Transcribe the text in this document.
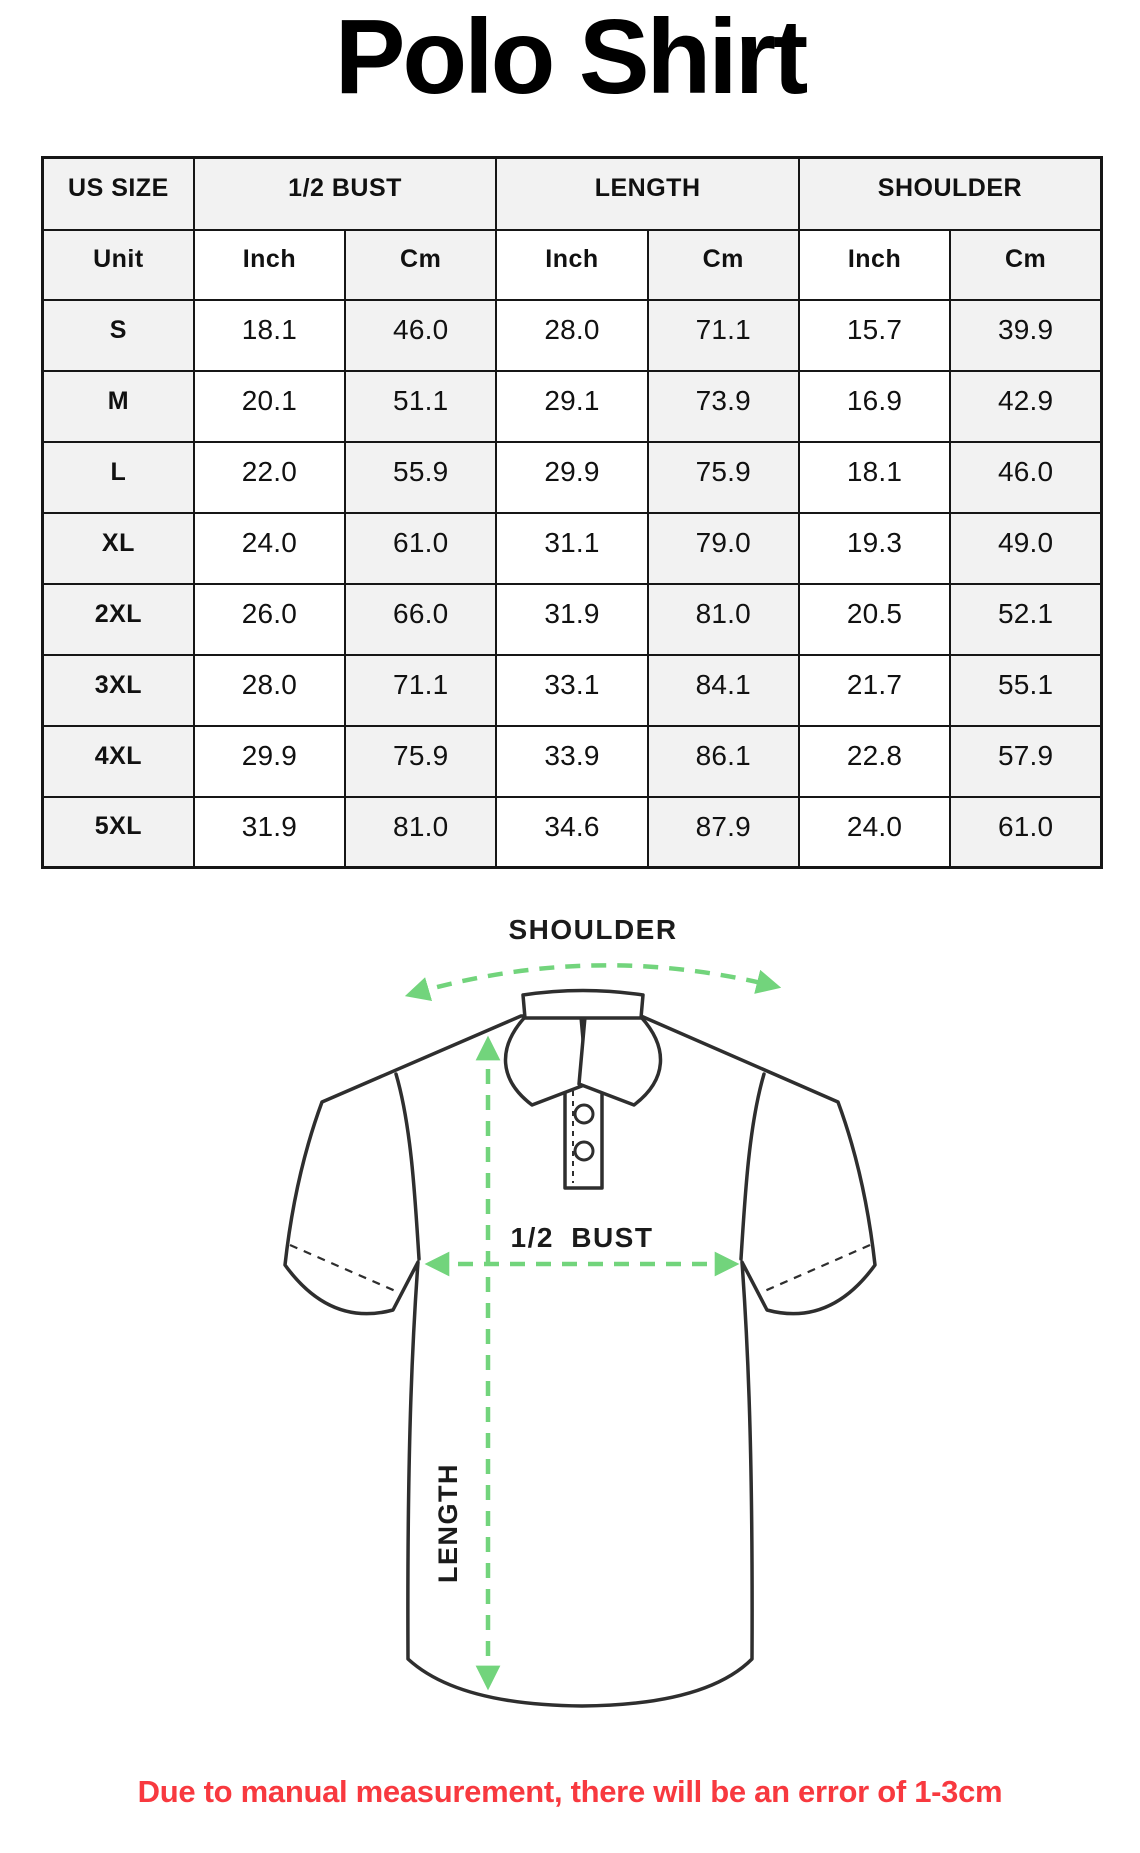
Polo Shirt
US SIZE	1/2 BUST		LENGTH		SHOULDER	
Unit	Inch	Cm	Inch	Cm	Inch	Cm
S	18.1	46.0	28.0	71.1	15.7	39.9
M	20.1	51.1	29.1	73.9	16.9	42.9
L	22.0	55.9	29.9	75.9	18.1	46.0
XL	24.0	61.0	31.1	79.0	19.3	49.0
2XL	26.0	66.0	31.9	81.0	20.5	52.1
3XL	28.0	71.1	33.1	84.1	21.7	55.1
4XL	29.9	75.9	33.9	86.1	22.8	57.9
5XL	31.9	81.0	34.6	87.9	24.0	61.0
SHOULDER
1/2 BUST
LENGTH
Due to manual measurement, there will be an error of 1-3cm
